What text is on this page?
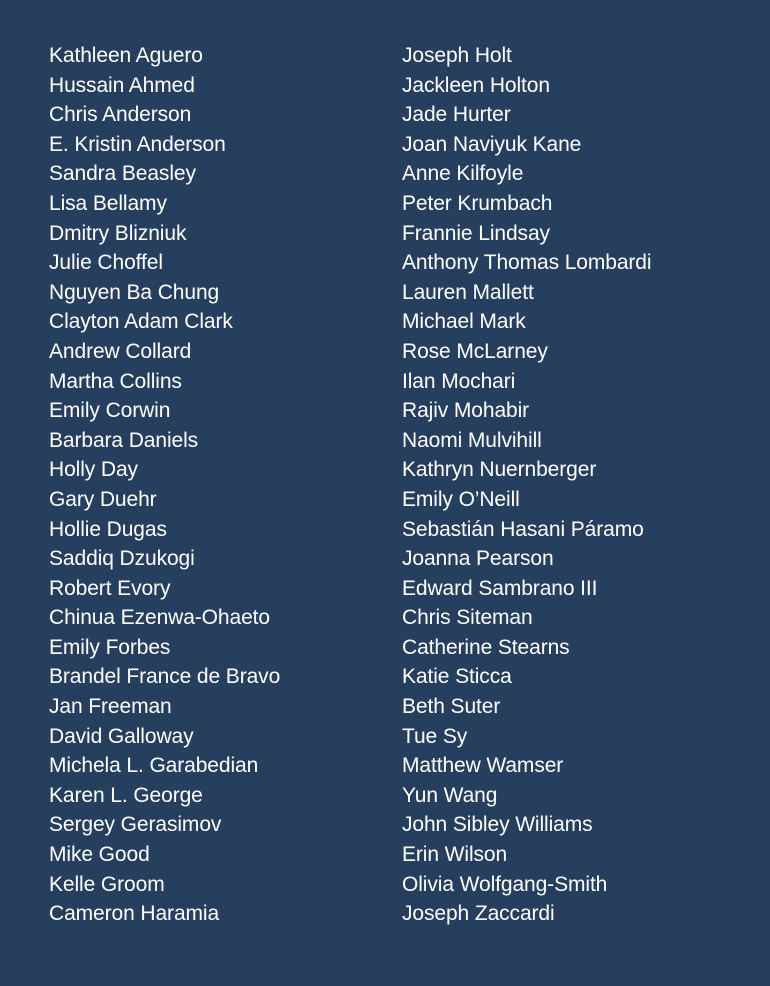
Kathleen Aguero
Hussain Ahmed
Chris Anderson
E. Kristin Anderson
Sandra Beasley
Lisa Bellamy
Dmitry Blizniuk
Julie Choffel
Nguyen Ba Chung
Clayton Adam Clark
Andrew Collard
Martha Collins
Emily Corwin
Barbara Daniels
Holly Day
Gary Duehr
Hollie Dugas
Saddiq Dzukogi
Robert Evory
Chinua Ezenwa-Ohaeto
Emily Forbes
Brandel France de Bravo
Jan Freeman
David Galloway
Michela L. Garabedian
Karen L. George
Sergey Gerasimov
Mike Good
Kelle Groom
Cameron Haramia
Joseph Holt
Jackleen Holton
Jade Hurter
Joan Naviyuk Kane
Anne Kilfoyle
Peter Krumbach
Frannie Lindsay
Anthony Thomas Lombardi
Lauren Mallett
Michael Mark
Rose McLarney
Ilan Mochari
Rajiv Mohabir
Naomi Mulvihill
Kathryn Nuernberger
Emily O’Neill
Sebastián Hasani Páramo
Joanna Pearson
Edward Sambrano III
Chris Siteman
Catherine Stearns
Katie Sticca
Beth Suter
Tue Sy
Matthew Wamser
Yun Wang
John Sibley Williams
Erin Wilson
Olivia Wolfgang-Smith
Joseph Zaccardi
